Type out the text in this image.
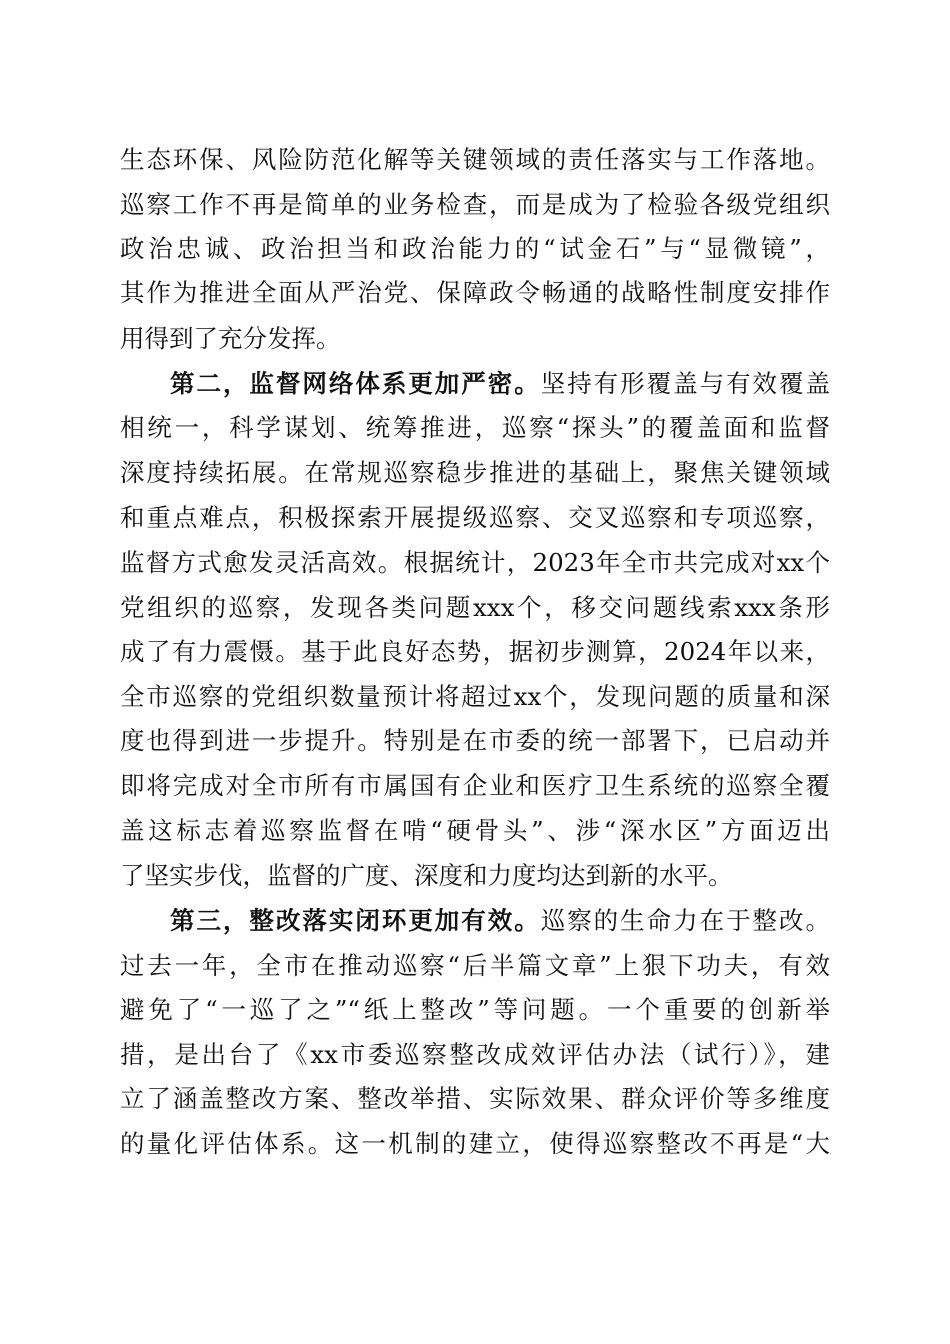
生态环保、风险防范化解等关键领域的责任落实与工作落地。
巡察工作不再是简单的业务检查，而是成为了检验各级党组织
政治忠诚、政治担当和政治能力的“试金石”与“显微镜”，
其作为推进全面从严治党、保障政令畅通的战略性制度安排作
用得到了充分发挥。
第二，监督网络体系更加严密。坚持有形覆盖与有效覆盖
相统一，科学谋划、统筹推进，巡察“探头”的覆盖面和监督
深度持续拓展。在常规巡察稳步推进的基础上，聚焦关键领域
和重点难点，积极探索开展提级巡察、交叉巡察和专项巡察，
监督方式愈发灵活高效。根据统计，2023年全市共完成对xx个
党组织的巡察，发现各类问题xxx个，移交问题线索xxx条形
成了有力震慑。基于此良好态势，据初步测算，2024年以来，
全市巡察的党组织数量预计将超过xx个，发现问题的质量和深
度也得到进一步提升。特别是在市委的统一部署下，已启动并
即将完成对全市所有市属国有企业和医疗卫生系统的巡察全覆
盖这标志着巡察监督在啃“硬骨头”、涉“深水区”方面迈出
了坚实步伐，监督的广度、深度和力度均达到新的水平。
第三，整改落实闭环更加有效。巡察的生命力在于整改。
过去一年，全市在推动巡察“后半篇文章”上狠下功夫，有效
避免了“一巡了之”“纸上整改”等问题。一个重要的创新举
措，是出台了《xx市委巡察整改成效评估办法（试行）》，建
立了涵盖整改方案、整改举措、实际效果、群众评价等多维度
的量化评估体系。这一机制的建立，使得巡察整改不再是“大
